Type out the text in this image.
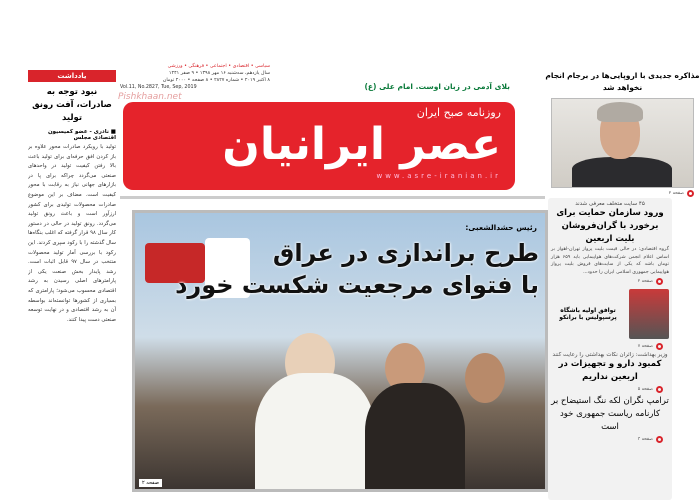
یادداشت
نبود توجه به صادرات، آفت رونق تولید
■ نادری - عضو کمیسیون اقتصادی مجلس

تولید با رویکرد صادرات محور علاوه بر باز کردن افق حرفه‌ای برای تولید باعث بالا رفتن کیفیت تولید در واحدهای صنعتی می‌گردد چراکه برای پا در بازارهای جهانی نیاز به رقابت با محور کیفیت است. مضاف بر این موضوع صادرات محصولات تولیدی برای کشور ارزآور است و باعث رونق تولید می‌گردد. رونق تولید در حالی در دستور کار سال ۹۸ قرار گرفته که اغلب بنگاه‌ها سال گذشته را با رکود سپری کردند. این رکود با بررسی آمار تولید محصولات منتخب در سال ۹۷ قابل اثبات است. رشد پایدار بخش صنعت یکی از پارامترهای اصلی رسیدن به رشد اقتصادی محسوب می‌شود؛ پارامتری که بسیاری از کشورها توانسته‌اند بواسطه آن به رشد اقتصادی و در نهایت توسعه صنعتی دست پیدا کنند.

سیاسی • اقتصادی • اجتماعی • فرهنگی • ورزشی
سال یازدهم، سه‌شنبه ۱۶ مهر ۱۳۹۸ • ۹ صفر ۱۴۴۱
۸ اکتبر ۲۰۱۹ • شماره ۲۸۲۷ • ۸ صفحه • ۲۰۰۰ تومان
Vol.11, No.2827, Tue, Sep, 2019	بلای آدمی در زبان اوست. امام علی (ع)
روزنامه صبح ایران
عصر ایرانیان
www.asre-iranian.ir
Pishkhaan.net
مذاکره جدیدی با اروپایی‌ها در برجام انجام نخواهد شد
صفحه ۲
رئیس حشدالشعبی:
طرح براندازی در عراق
با فتوای مرجعیت شکست خورد
صفحه ۲
۴۵ سایت متخلف معرفی شدند
ورود سازمان حمایت برای برخورد با گران‌فروشان بلیت اربعین

گروه اقتصادی: در حالی قیمت بلیت پرواز تهران-اهواز بر اساس اعلام انجمن شرکت‌های هواپیمایی باید ۶۵۹ هزار تومان باشد که یکی از سایت‌های فروش بلیت پرواز هواپیمایی جمهوری اسلامی ایران را حدود...

صفحه ۲
توافق اولیه باشگاه پرسپولیس با برانکو
صفحه ۷
وزیر بهداشت: زائران نکات بهداشتی را رعایت کنند
کمبود دارو و تجهیزات در اربعین نداریم
صفحه ۵
ترامپ نگران لکه ننگ استیضاح بر کارنامه ریاست جمهوری خود است
صفحه ۳
